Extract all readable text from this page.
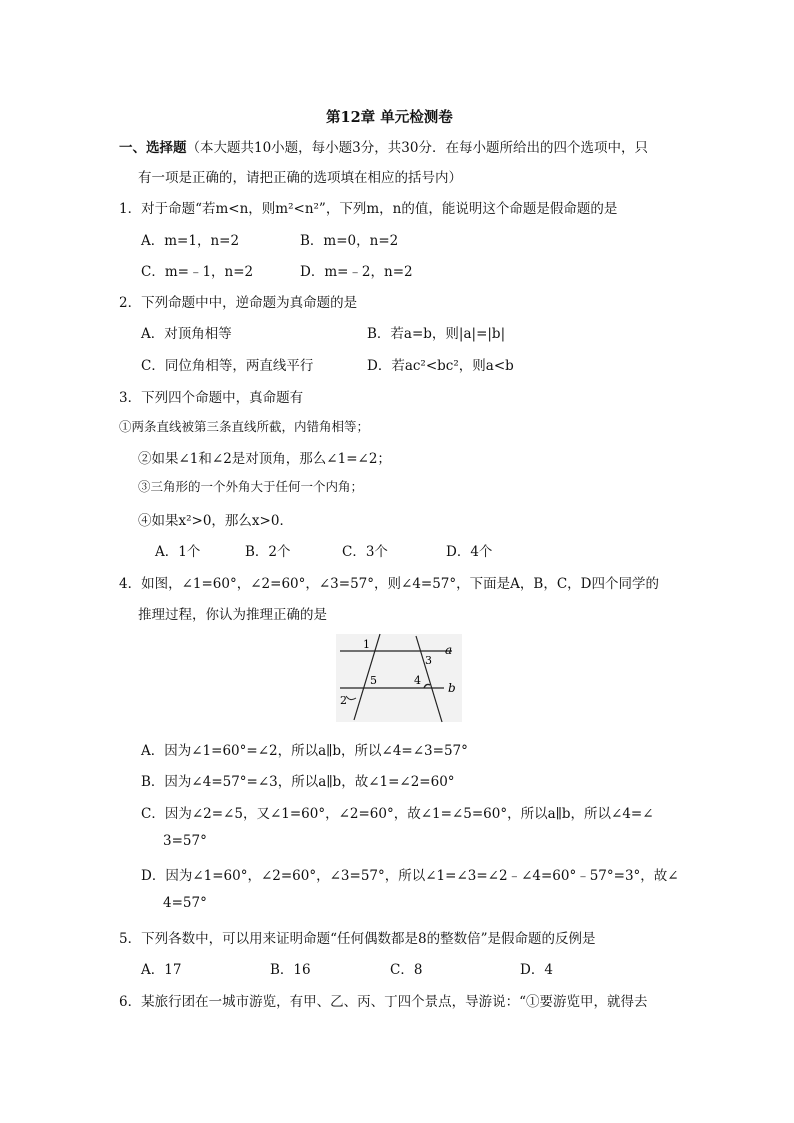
第12章 单元检测卷
一、选择题（本大题共10小题，每小题3分，共30分．在每小题所给出的四个选项中，只
有一项是正确的，请把正确的选项填在相应的括号内）
1．对于命题“若m<n，则m²<n²”，下列m，n的值，能说明这个命题是假命题的是
A．m=1，n=2	B．m=0，n=2
C．m=﹣1，n=2	D．m=﹣2，n=2
2．下列命题中中，逆命题为真命题的是
A．对顶角相等	B．若a=b，则|a|=|b|
C．同位角相等，两直线平行	D．若ac²<bc²，则a<b
3．下列四个命题中，真命题有
①两条直线被第三条直线所截，内错角相等；
②如果∠1和∠2是对顶角，那么∠1=∠2；
③三角形的一个外角大于任何一个内角；
④如果x²>0，那么x>0．
A．1个	B．2个	C．3个	D．4个
4．如图，∠1=60°，∠2=60°，∠3=57°，则∠4=57°，下面是A，B，C，D四个同学的
推理过程，你认为推理正确的是
1
3
a
5	4
b
2
A．因为∠1=60°=∠2，所以a∥b，所以∠4=∠3=57°
B．因为∠4=57°=∠3，所以a∥b，故∠1=∠2=60°
C．因为∠2=∠5，又∠1=60°，∠2=60°，故∠1=∠5=60°，所以a∥b，所以∠4=∠
3=57°
D．因为∠1=60°，∠2=60°，∠3=57°，所以∠1=∠3=∠2﹣∠4=60°﹣57°=3°，故∠
4=57°
5．下列各数中，可以用来证明命题“任何偶数都是8的整数倍”是假命题的反例是
A．17	B．16	C．8	D．4
6．某旅行团在一城市游览，有甲、乙、丙、丁四个景点，导游说：“①要游览甲，就得去
